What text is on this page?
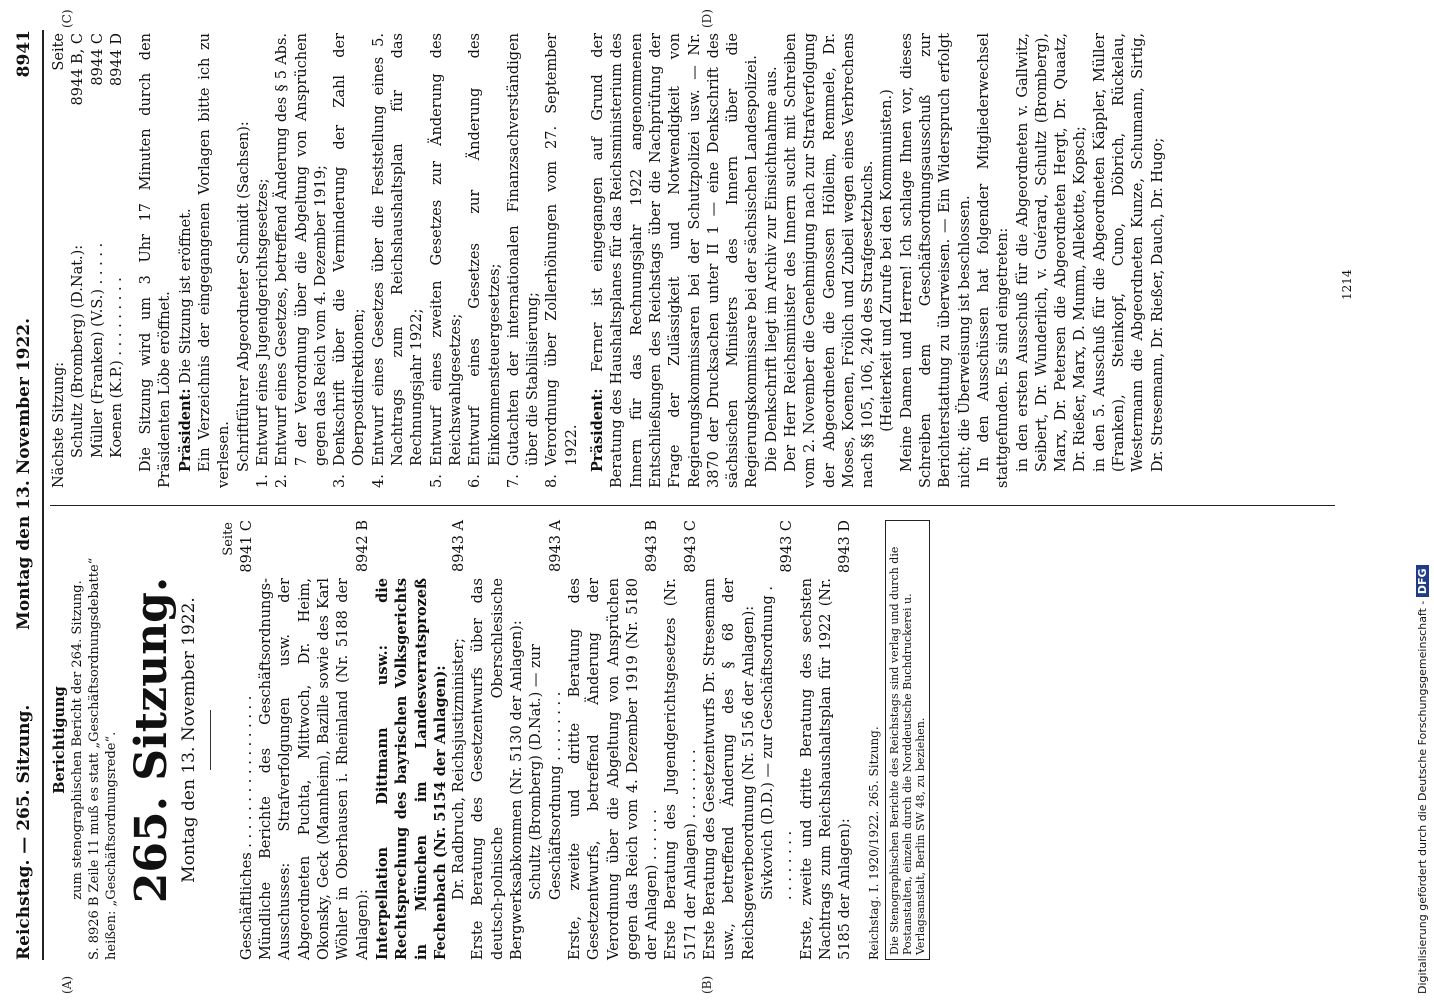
Reichstag. — 265. Sitzung.
Montag den 13. November 1922.
8941
(A)	(B)
(C)	(D)

Berichtigung zum stenographischen Bericht der 264. Sitzung. S. 8926 B Zeile 11 muß es statt „Geschäftsordnungsdebatte“ heißen: „Geschäftsordnungsrede“. 265. Sitzung. Montag den 13. November 1922.

Seite

Geschäftliches . . . . . . . . . . . . . . . . .
8941 C
Mündliche Berichte des Geschäftsordnungs-Ausschusses: Strafverfolgungen usw. der Abgeordneten Puchta, Mittwoch, Dr. Heim, Okonsky, Geck (Mannheim), Bazille sowie des Karl Wöhler in Oberhausen i. Rheinland (Nr. 5188 der Anlagen):
8942 B
Interpellation Dittmann usw.: die Rechtsprechung des bayrischen Volksgerichts in München im Landesverratsprozeß Fechenbach (Nr. 5154 der Anlagen): Dr. Radbruch, Reichsjustizminister;
8943 A
Erste Beratung des Gesetzentwurfs über das deutsch-polnische Oberschlesische Bergwerksabkommen (Nr. 5130 der Anlagen): Schultz (Bromberg) (D.Nat.) — zur Geschäftsordnung . . . . . . . .
8943 A
Erste, zweite und dritte Beratung des Gesetzentwurfs, betreffend Änderung der Verordnung über die Abgeltung von Ansprüchen gegen das Reich vom 4. Dezember 1919 (Nr. 5180 der Anlagen) . . . . . .
8943 B
Erste Beratung des Jugendgerichtsgesetzes (Nr. 5171 der Anlagen) . . . . . . . .
8943 C
Erste Beratung des Gesetzentwurfs Dr. Stresemann usw., betreffend Änderung des § 68 der Reichsgewerbeordnung (Nr. 5156 der Anlagen): Sivkovich (D.D.) — zur Geschäftsordnung . . . . . . . . .
8943 C
Erste, zweite und dritte Beratung des sechsten Nachtrags zum Reichshaushaltsplan für 1922 (Nr. 5185 der Anlagen):
8943 D

Reichstag. I. 1920/1922. 265. Sitzung. Die Stenographischen Berichte des Reichstags sind verlag und durch die Postanstalten, einzeln durch die Norddeutsche Buchdruckerei u. Verlagsanstalt, Berlin SW 48, zu beziehen.
Nächste Sitzung:
Seite
Schultz (Bromberg) (D.Nat.):
8944 B, C
Müller (Franken) (V.S.) . . . . .
8944 C
Koenen (K.P.) . . . . . . . . .
8944 D Die Sitzung wird um 3 Uhr 17 Minuten durch den Präsidenten Löbe eröffnet. Präsident: Die Sitzung ist eröffnet. Ein Verzeichnis der eingegangenen Vorlagen bitte ich zu verlesen. Schriftführer Abgeordneter Schmidt (Sachsen):

1.
Entwurf eines Jugendgerichtsgesetzes;
2.
Entwurf eines Gesetzes, betreffend Änderung des § 5 Abs. 7 der Verordnung über die Abgeltung von Ansprüchen gegen das Reich vom 4. Dezember 1919;
3.
Denkschrift über die Verminderung der Zahl der Oberpostdirektionen;
4.
Entwurf eines Gesetzes über die Feststellung eines 5. Nachtrags zum Reichshaushaltsplan für das Rechnungsjahr 1922;
5.
Entwurf eines zweiten Gesetzes zur Änderung des Reichswahlgesetzes;
6.
Entwurf eines Gesetzes zur Änderung des Einkommensteuergesetzes;
7.
Gutachten der internationalen Finanzsachverständigen über die Stabilisierung;
8.
Verordnung über Zollerhöhungen vom 27. September 1922. Präsident: Ferner ist eingegangen auf Grund der Beratung des Haushaltsplanes für das Reichsministerium des Innern für das Rechnungsjahr 1922 angenommenen Entschließungen des Reichstags über die Nachprüfung der Frage der Zulässigkeit und Notwendigkeit von Regierungskommissaren bei der Schutzpolizei usw. — Nr. 3870 der Drucksachen unter II 1 — eine Denkschrift des sächsischen Ministers des Innern über die Regierungskommissare bei der sächsischen Landespolizei. Die Denkschrift liegt im Archiv zur Einsichtnahme aus. Der Herr Reichsminister des Innern sucht mit Schreiben vom 2. November die Genehmigung nach zur Strafverfolgung der Abgeordneten die Genossen Hölleim, Remmele, Dr. Moses, Koenen, Frölich und Zubeil wegen eines Verbrechens nach §§ 105, 106, 240 des Strafgesetzbuchs. (Heiterkeit und Zurufe bei den Kommunisten.) Meine Damen und Herren! Ich schlage Ihnen vor, dieses Schreiben dem Geschäftsordnungsausschuß zur Berichterstattung zu überweisen. — Ein Widerspruch erfolgt nicht; die Überweisung ist beschlossen. In den Ausschüssen hat folgender Mitgliederwechsel stattgefunden. Es sind eingetreten: in den ersten Ausschuß für die Abgeordneten v. Gallwitz, Seibert, Dr. Wunderlich, v. Guérard, Schultz (Bromberg), Marx, Dr. Petersen die Abgeordneten Hergt, Dr. Quaatz, Dr. Rießer, Marx, D. Mumm, Allekotte, Kopsch; in den 5. Ausschuß für die Abgeordneten Käppler, Müller (Franken), Steinkopf, Cuno, Döbrich, Rückelau, Westermann die Abgeordneten Kunze, Schumann, Sirtig, Dr. Stresemann, Dr. Rießer, Dauch, Dr. Hugo;	1214
Digitalisierung gefördert durch die Deutsche Forschungsgemeinschaft - DFG
